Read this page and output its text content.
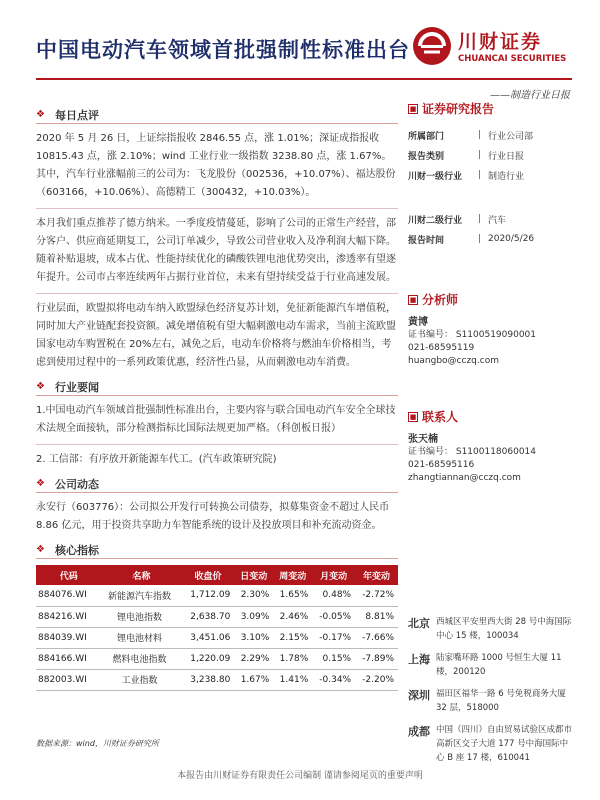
中国电动汽车领域首批强制性标准出台	川财证券
CHUANCAI SECURITIES
——制造行业日报
❖ 每日点评

2020 年 5 月 26 日，上证综指报收 2846.55 点，涨 1.01%；深证成指报收 10815.43 点，涨 2.10%；wind 工业行业一级指数 3238.80 点，涨 1.67%。其中，汽车行业涨幅前三的公司为：飞龙股份（002536，+10.07%）、福达股份（603166，+10.06%）、高德精工（300432，+10.03%）。

本月我们重点推荐了德方纳米。一季度疫情蔓延，影响了公司的正常生产经营，部分客户、供应商延期复工，公司订单减少，导致公司营业收入及净利润大幅下降。随着补贴退坡，成本占优、性能持续优化的磷酸铁锂电池优势突出，渗透率有望逐年提升。公司市占率连续两年占据行业首位，未来有望持续受益于行业高速发展。

行业层面，欧盟拟将电动车纳入欧盟绿色经济复苏计划，免征新能源汽车增值税，同时加大产业链配套投资额。减免增值税有望大幅刺激电动车需求，当前主流欧盟国家电动车购置税在 20%左右，减免之后，电动车价格将与燃油车价格相当，考虑到使用过程中的一系列政策优惠，经济性凸显，从而刺激电动车消费。

❖ 行业要闻

1.中国电动汽车领域首批强制性标准出台，主要内容与联合国电动汽车安全全球技术法规全面接轨，部分检测指标比国际法规更加严格。（科创板日报）

2. 工信部：有序放开新能源车代工。(汽车政策研究院)

❖ 公司动态

永安行（603776）：公司拟公开发行可转换公司债券，拟募集资金不超过人民币 8.86 亿元，用于投资共享助力车智能系统的设计及投放项目和补充流动资金。

❖ 核心指标
代码	名称	收盘价	日变动	周变动	月变动	年变动
884076.WI	新能源汽车指数	1,712.09	2.30%	1.65%	0.48%	-2.72%
884216.WI	锂电池指数	2,638.70	3.09%	2.46%	-0.05%	8.81%
884039.WI	锂电池材料	3,451.06	3.10%	2.15%	-0.17%	-7.66%
884166.WI	燃料电池指数	1,220.09	2.29%	1.78%	0.15%	-7.89%
882003.WI	工业指数	3,238.80	1.67%	1.41%	-0.34%	-2.20%
数据来源：wind，川财证券研究所
■ 证券研究报告
所属部门	| 行业公司部
报告类别	| 行业日报
川财一级行业	| 制造行业
川财二级行业	| 汽车
报告时间	| 2020/5/26
■ 分析师
黄博
证书编号： S1100519090001
021-68595119
huangbo@cczq.com
■ 联系人
张天楠
证书编号： S1100118060014
021-68595116
zhangtiannan@cczq.com
北京 西城区平安里西大街 28 号中海国际中心 15 楼，100034
上海 陆家嘴环路 1000 号恒生大厦 11 楼，200120
深圳 福田区福华一路 6 号免税商务大厦 32 层，518000
成都 中国（四川）自由贸易试验区成都市高新区交子大道 177 号中海国际中心 B 座 17 楼，610041
本报告由川财证券有限责任公司编制 谨请参阅尾页的重要声明
